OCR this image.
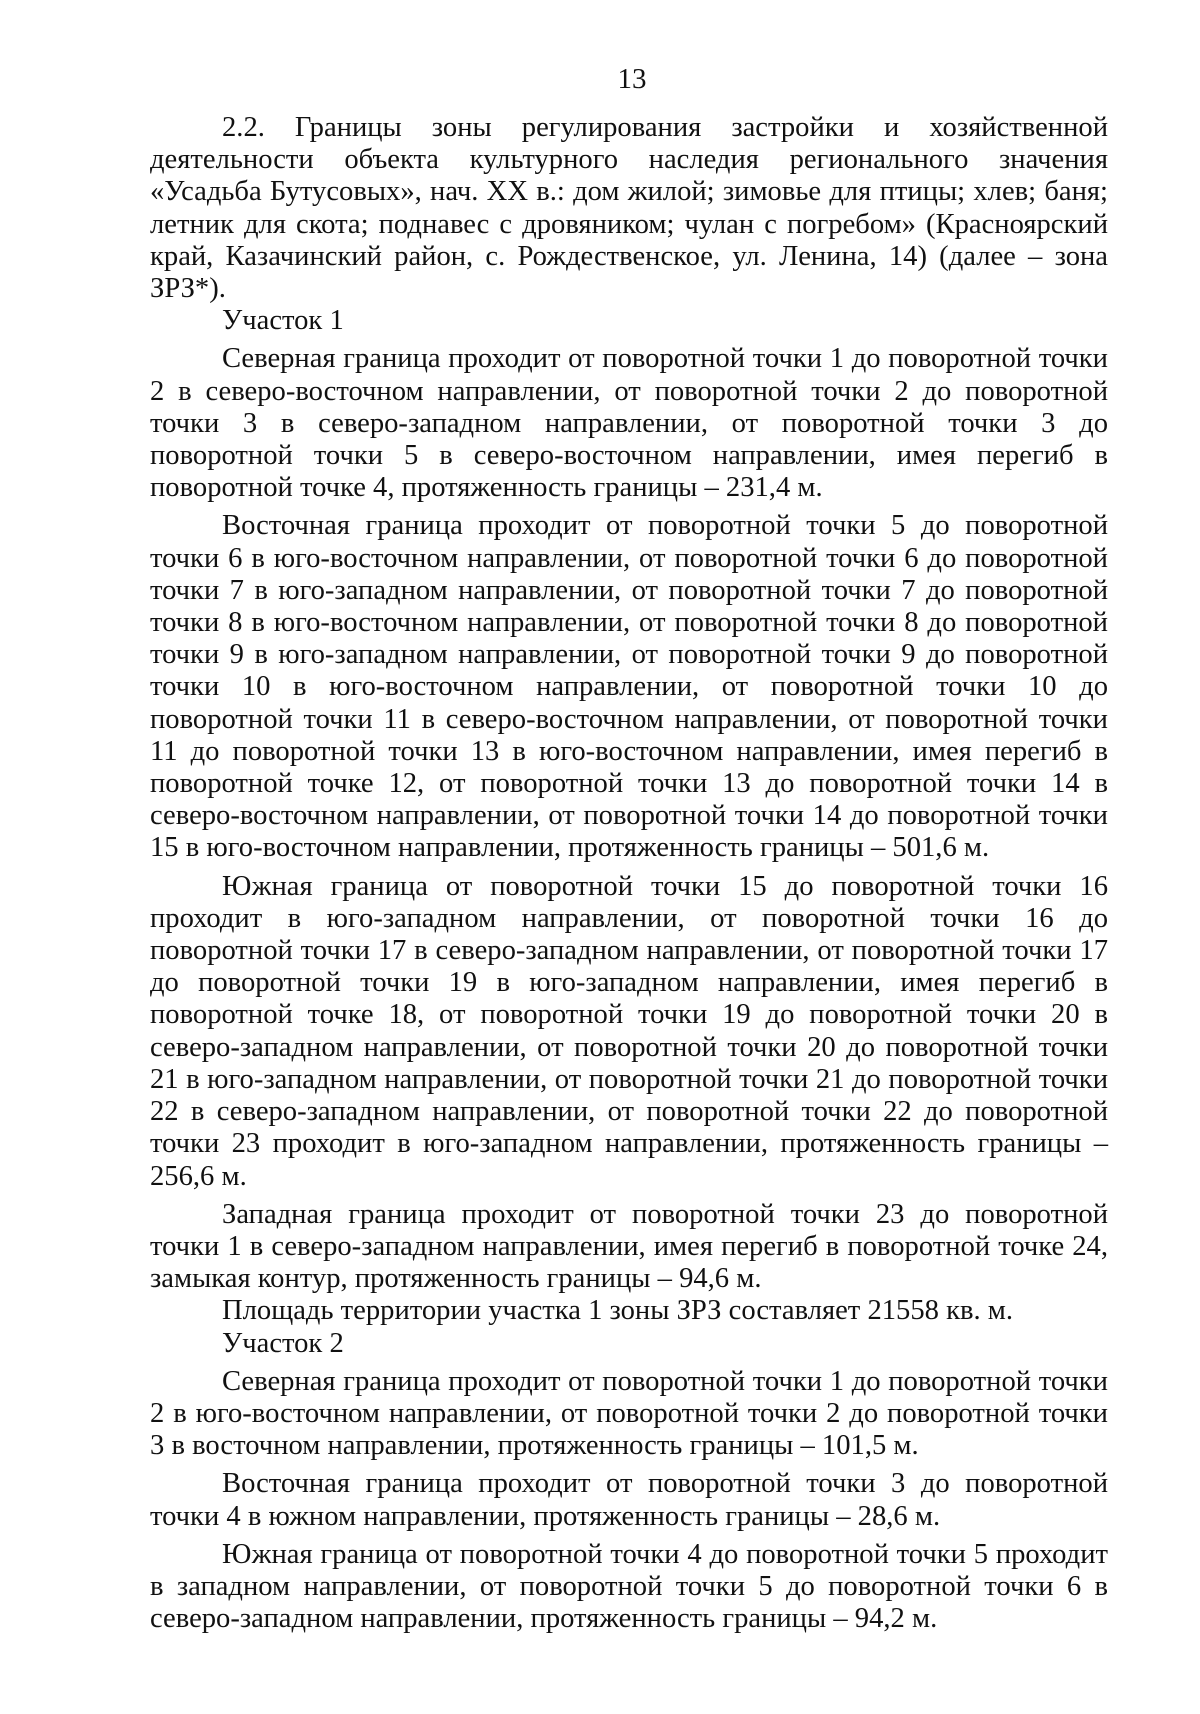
13

2.2. Границы зоны регулирования застройки и хозяйственной деятельности объекта культурного наследия регионального значения «Усадьба Бутусовых», нач. XX в.: дом жилой; зимовье для птицы; хлев; баня; летник для скота; поднавес с дровяником; чулан с погребом» (Красноярский край, Казачинский район, с. Рождественское, ул. Ленина, 14) (далее – зона ЗРЗ*).

Участок 1

Северная граница проходит от поворотной точки 1 до поворотной точки 2 в северо-восточном направлении, от поворотной точки 2 до поворотной точки 3 в северо-западном направлении, от поворотной точки 3 до поворотной точки 5 в северо-восточном направлении, имея перегиб в поворотной точке 4, протяженность границы – 231,4 м.

Восточная граница проходит от поворотной точки 5 до поворотной точки 6 в юго-восточном направлении, от поворотной точки 6 до поворотной точки 7 в юго-западном направлении, от поворотной точки 7 до поворотной точки 8 в юго-восточном направлении, от поворотной точки 8 до поворотной точки 9 в юго-западном направлении, от поворотной точки 9 до поворотной точки 10 в юго-восточном направлении, от поворотной точки 10 до поворотной точки 11 в северо-восточном направлении, от поворотной точки 11 до поворотной точки 13 в юго-восточном направлении, имея перегиб в поворотной точке 12, от поворотной точки 13 до поворотной точки 14 в северо-восточном направлении, от поворотной точки 14 до поворотной точки 15 в юго-восточном направлении, протяженность границы – 501,6 м.

Южная граница от поворотной точки 15 до поворотной точки 16 проходит в юго-западном направлении, от поворотной точки 16 до поворотной точки 17 в северо-западном направлении, от поворотной точки 17 до поворотной точки 19 в юго-западном направлении, имея перегиб в поворотной точке 18, от поворотной точки 19 до поворотной точки 20 в северо-западном направлении, от поворотной точки 20 до поворотной точки 21 в юго-западном направлении, от поворотной точки 21 до поворотной точки 22 в северо-западном направлении, от поворотной точки 22 до поворотной точки 23 проходит в юго-западном направлении, протяженность границы – 256,6 м.

Западная граница проходит от поворотной точки 23 до поворотной точки 1 в северо-западном направлении, имея перегиб в поворотной точке 24, замыкая контур, протяженность границы – 94,6 м.

Площадь территории участка 1 зоны ЗРЗ составляет 21558 кв. м.

Участок 2

Северная граница проходит от поворотной точки 1 до поворотной точки 2 в юго-восточном направлении, от поворотной точки 2 до поворотной точки 3 в восточном направлении, протяженность границы – 101,5 м.

Восточная граница проходит от поворотной точки 3 до поворотной точки 4 в южном направлении, протяженность границы – 28,6 м.

Южная граница от поворотной точки 4 до поворотной точки 5 проходит в западном направлении, от поворотной точки 5 до поворотной точки 6 в северо-западном направлении, протяженность границы – 94,2 м.
